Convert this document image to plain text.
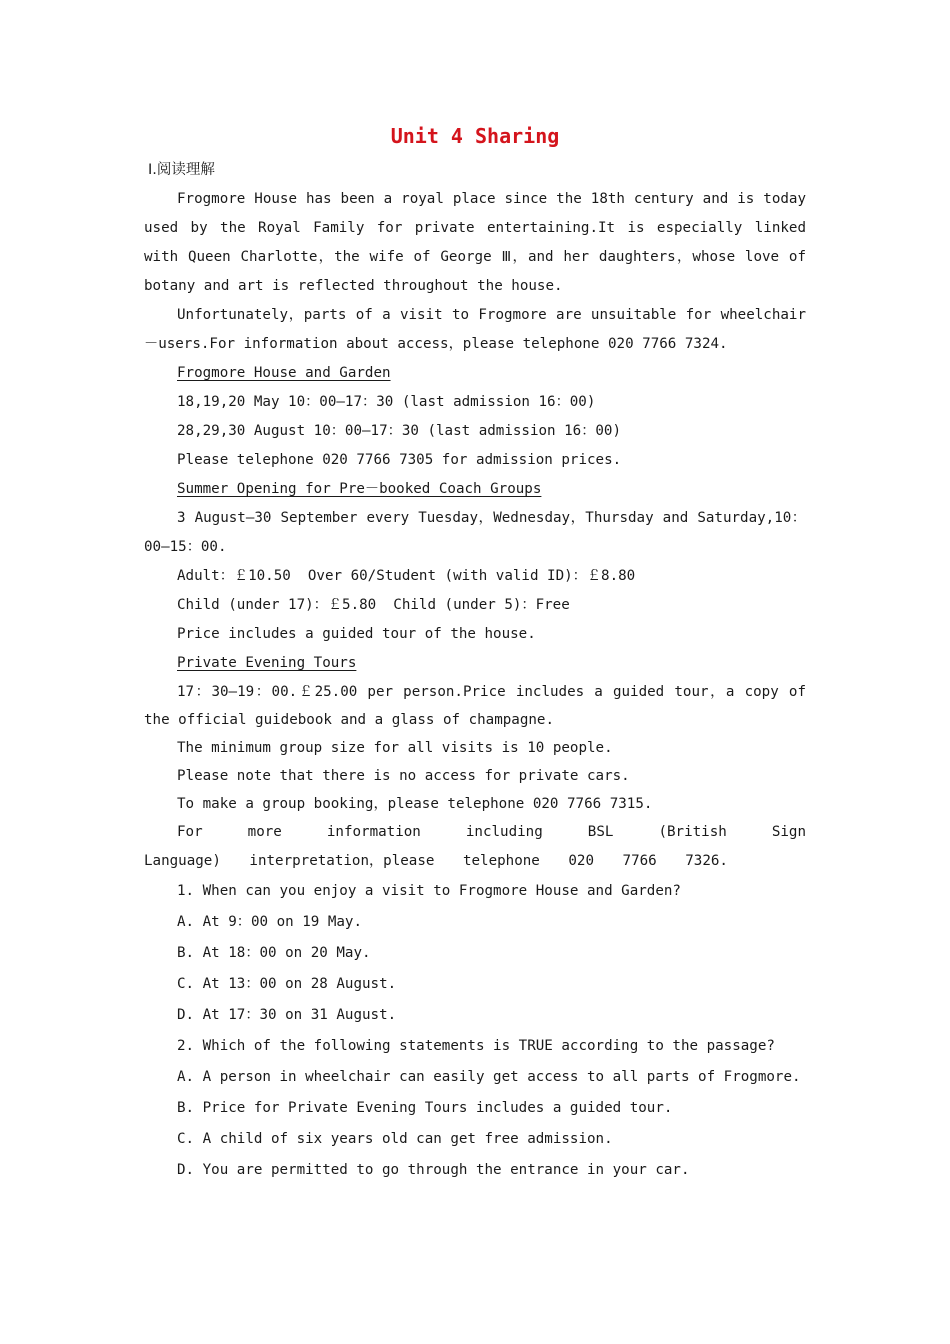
Unit 4 Sharing

Ⅰ.阅读理解

Frogmore House has been a royal place since the 18th century and is today used by the Royal Family for private entertaining.It is especially linked with Queen Charlotte，the wife of George Ⅲ，and her daughters，whose love of botany and art is reflected throughout the house.

Unfortunately，parts of a visit to Frogmore are unsuitable for wheelchair－users.For information about access，please telephone 020 7766 7324.

Frogmore House and Garden

18,19,20 May 10：00—17：30 (last admission 16：00)

28,29,30 August 10：00—17：30 (last admission 16：00)

Please telephone 020 7766 7305 for admission prices.

Summer Opening for Pre－booked Coach Groups

3 August—30 September every Tuesday，Wednesday，Thursday and Saturday,10：00—15：00.

Adult：￡10.50  Over 60/Student (with valid ID)：￡8.80

Child (under 17)：￡5.80  Child (under 5)：Free

Price includes a guided tour of the house.

Private Evening Tours

17：30—19：00.￡25.00 per person.Price includes a guided tour，a copy of the official guidebook and a glass of champagne.

The minimum group size for all visits is 10 people.

Please note that there is no access for private cars.

To make a group booking，please telephone 020 7766 7315.

For more information including BSL (British Sign Language) interpretation，please telephone 020 7766 7326.

1. When can you enjoy a visit to Frogmore House and Garden?

A. At 9：00 on 19 May.

B. At 18：00 on 20 May.

C. At 13：00 on 28 August.

D. At 17：30 on 31 August.

2. Which of the following statements is TRUE according to the passage?

A. A person in wheelchair can easily get access to all parts of Frogmore.

B. Price for Private Evening Tours includes a guided tour.

C. A child of six years old can get free admission.

D. You are permitted to go through the entrance in your car.
